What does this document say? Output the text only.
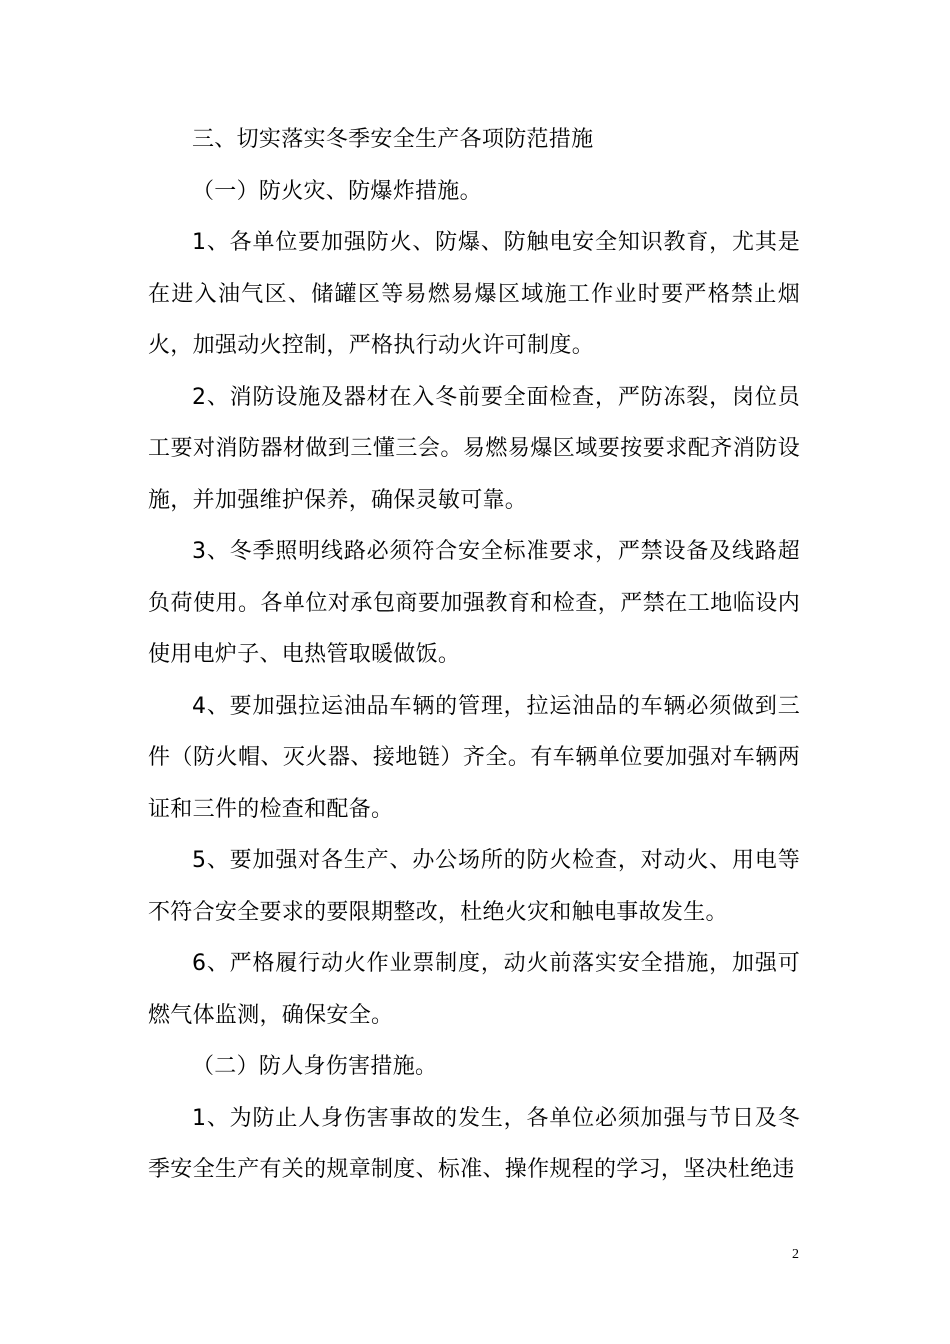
三、切实落实冬季安全生产各项防范措施

（一）防火灾、防爆炸措施。

1、各单位要加强防火、防爆、防触电安全知识教育，尤其是在进入油气区、储罐区等易燃易爆区域施工作业时要严格禁止烟火，加强动火控制，严格执行动火许可制度。

2、消防设施及器材在入冬前要全面检查，严防冻裂，岗位员工要对消防器材做到三懂三会。易燃易爆区域要按要求配齐消防设施，并加强维护保养，确保灵敏可靠。

3、冬季照明线路必须符合安全标准要求，严禁设备及线路超负荷使用。各单位对承包商要加强教育和检查，严禁在工地临设内使用电炉子、电热管取暖做饭。

4、要加强拉运油品车辆的管理，拉运油品的车辆必须做到三件（防火帽、灭火器、接地链）齐全。有车辆单位要加强对车辆两证和三件的检查和配备。

5、要加强对各生产、办公场所的防火检查，对动火、用电等不符合安全要求的要限期整改，杜绝火灾和触电事故发生。

6、严格履行动火作业票制度，动火前落实安全措施，加强可燃气体监测，确保安全。

（二）防人身伤害措施。

1、为防止人身伤害事故的发生，各单位必须加强与节日及冬季安全生产有关的规章制度、标准、操作规程的学习，坚决杜绝违

2
